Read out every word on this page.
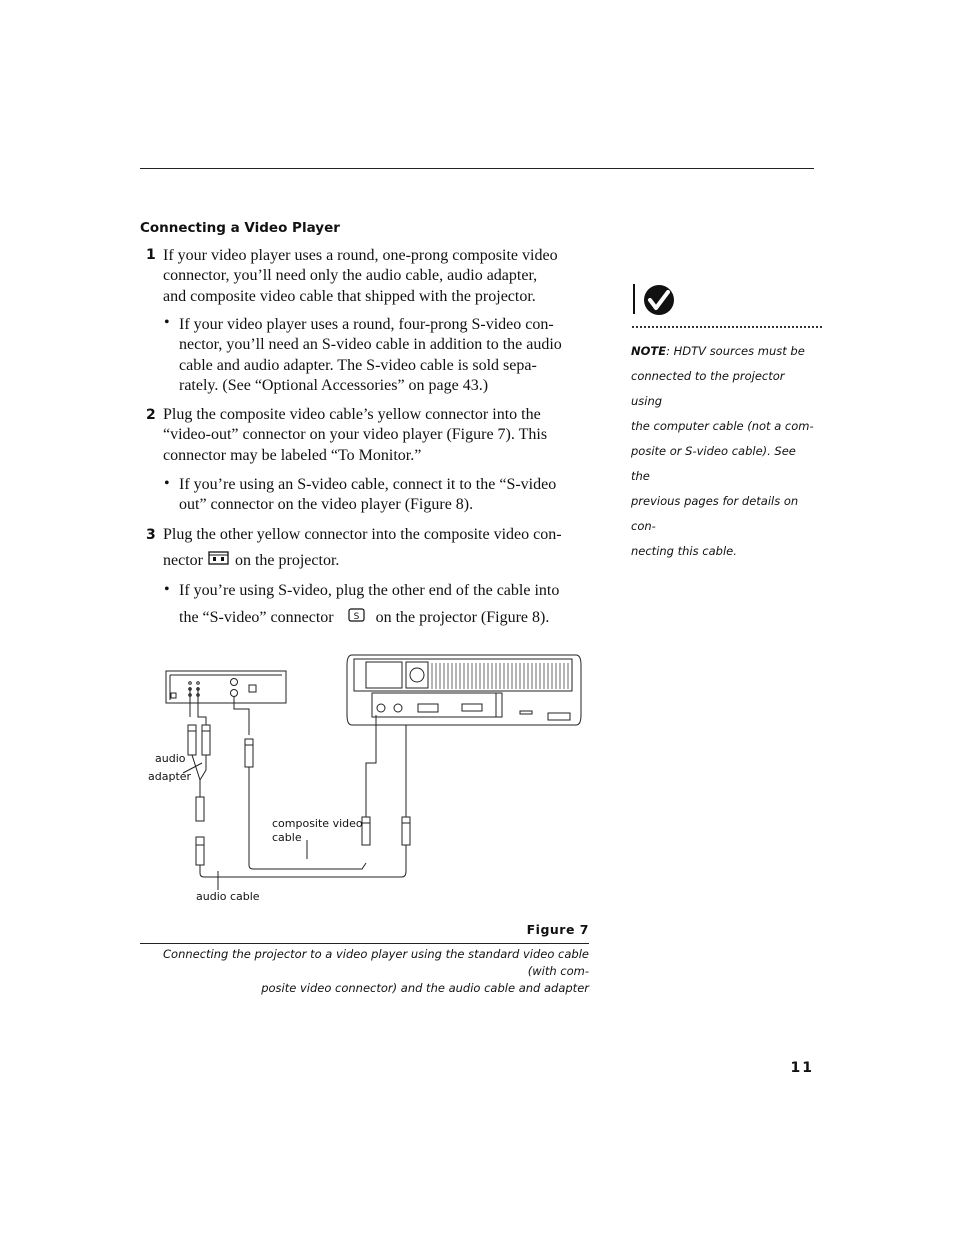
Connecting a Video Player
1 If your video player uses a round, one-prong composite video
connector, you’ll need only the audio cable, audio adapter,
and composite video cable that shipped with the projector.
• If your video player uses a round, four-prong S-video con-
nector, you’ll need an S-video cable in addition to the audio
cable and audio adapter. The S-video cable is sold sepa-
rately. (See “Optional Accessories” on page 43.)
2 Plug the composite video cable’s yellow connector into the
“video-out” connector on your video player (Figure 7). This
connector may be labeled “To Monitor.”
• If you’re using an S-video cable, connect it to the “S-video
out” connector on the video player (Figure 8).
3 Plug the other yellow connector into the composite video con-
nector on the projector.
• If you’re using S-video, plug the other end of the cable into
the “S-video” connector S on the projector (Figure 8).
NOTE: HDTV sources must be
connected to the projector using
the computer cable (not a com-
posite or S-video cable). See the
previous pages for details on con-
necting this cable.
audio
adapter
composite video
cable
audio cable
Figure 7
Connecting the projector to a video player using the standard video cable (with com-
posite video connector) and the audio cable and adapter
11
